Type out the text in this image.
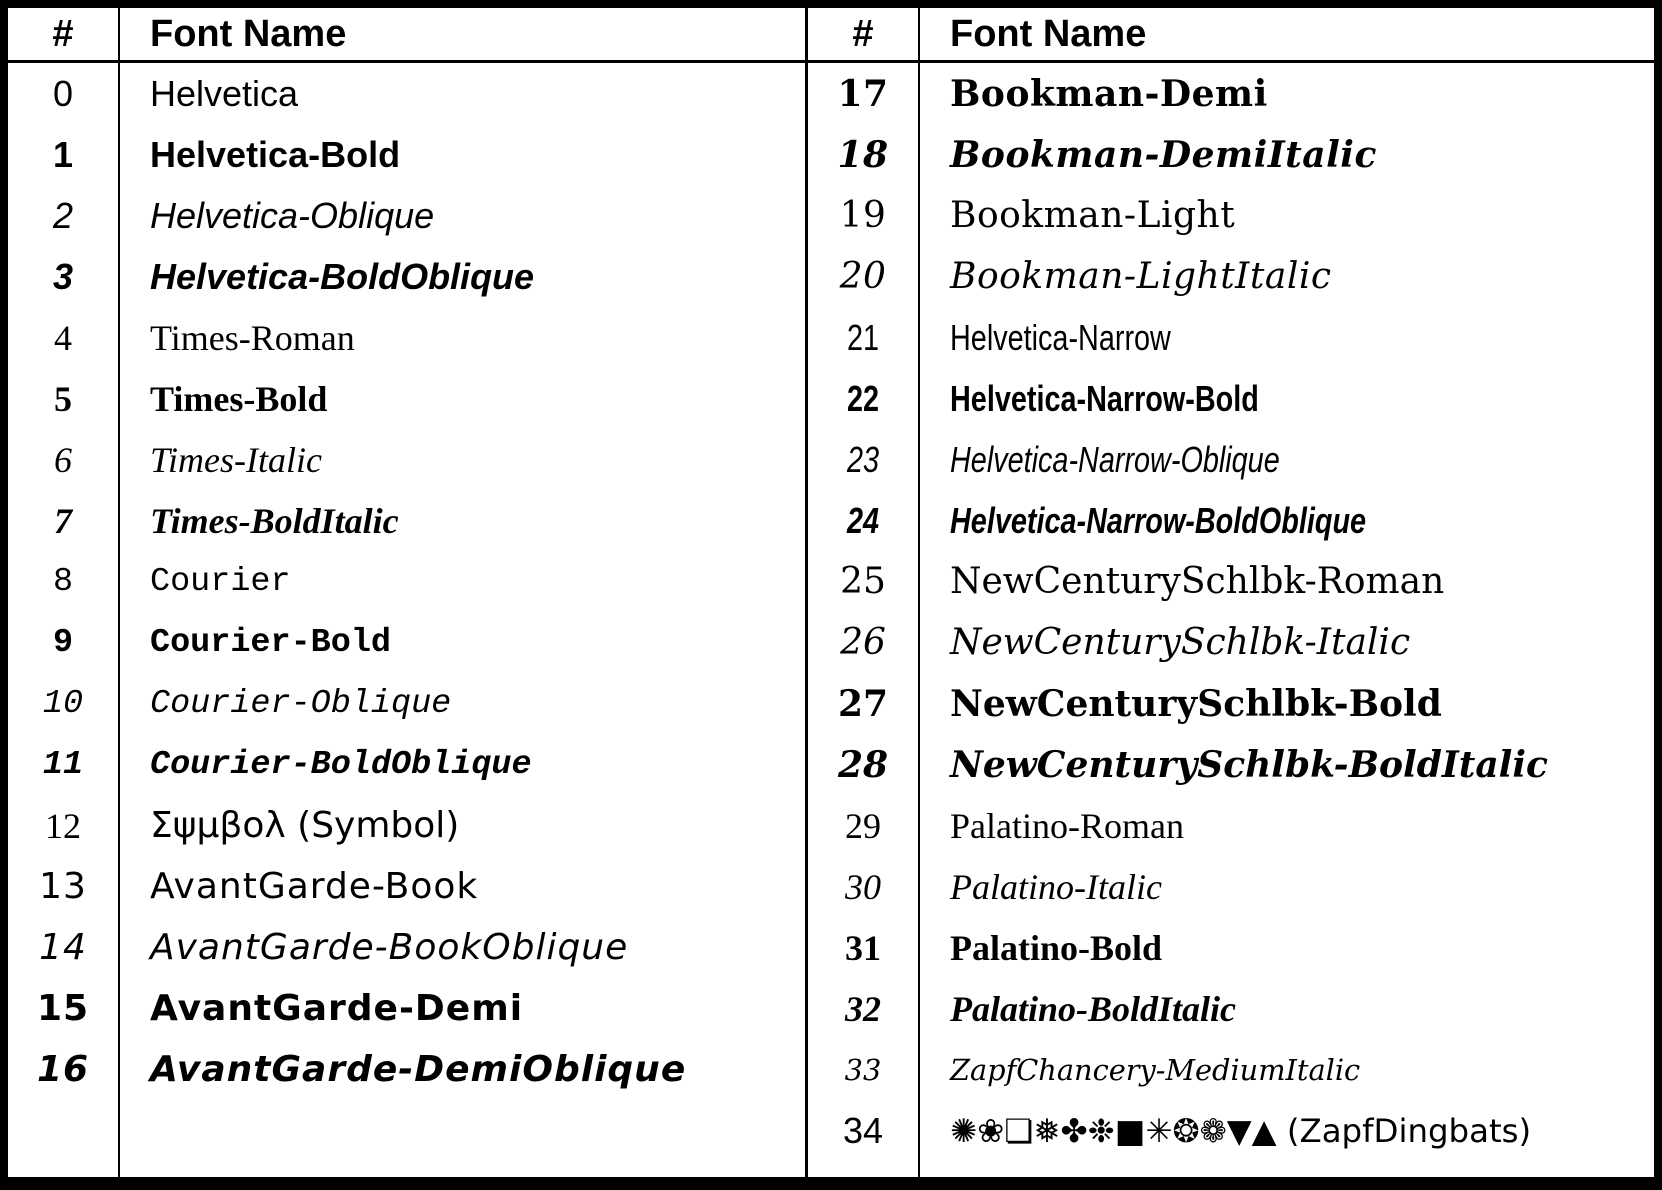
#	Font Name
0 Helvetica
1 Helvetica-Bold
2 Helvetica-Oblique
3 Helvetica-BoldOblique
4 Times-Roman
5 Times-Bold
6 Times-Italic
7 Times-BoldItalic
8 Courier
9 Courier-Bold
10 Courier-Oblique
11 Courier-BoldOblique
12 Σψμβολ (Symbol)
13 AvantGarde-Book
14 AvantGarde-BookOblique
15 AvantGarde-Demi
16 AvantGarde-DemiOblique
#	Font Name
17 Bookman-Demi
18 Bookman-DemiItalic
19 Bookman-Light
20 Bookman-LightItalic
21 Helvetica-Narrow
22 Helvetica-Narrow-Bold
23 Helvetica-Narrow-Oblique
24 Helvetica-Narrow-BoldOblique
25 NewCenturySchlbk-Roman
26 NewCenturySchlbk-Italic
27 NewCenturySchlbk-Bold
28 NewCenturySchlbk-BoldItalic
29 Palatino-Roman
30 Palatino-Italic
31 Palatino-Bold
32 Palatino-BoldItalic
33 ZapfChancery-MediumItalic
34 ✺❀❏❅✤❉■✳❂❁▼▲ (ZapfDingbats)
